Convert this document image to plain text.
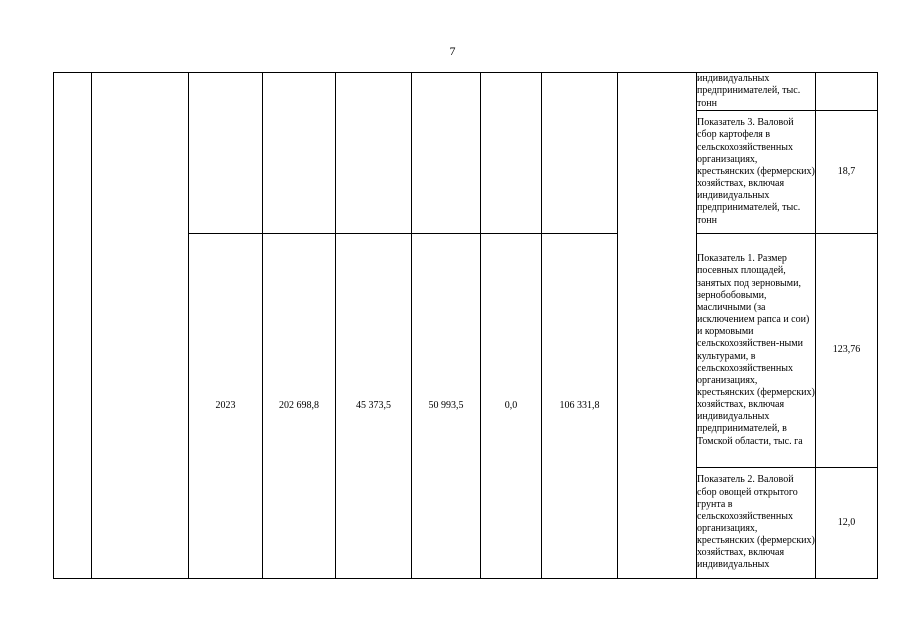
7
									индивидуальных предпринимателей, тыс. тонн	
									Показатель 3. Валовой сбор картофеля в сельскохозяйственных организациях, крестьянских (фермерских) хозяйствах, включая индивидуальных предпринимателей, тыс. тонн	18,7
		2023	202 698,8	45 373,5	50 993,5	0,0	106 331,8		Показатель 1. Размер посевных площадей, занятых под зерновыми, зернобобовыми, масличными (за исключением рапса и сои) и кормовыми сельскохозяйствен-ными культурами, в сельскохозяйственных организациях, крестьянских (фермерских) хозяйствах, включая индивидуальных предпринимателей, в Томской области, тыс. га	123,76
									Показатель 2. Валовой сбор овощей открытого грунта в сельскохозяйственных организациях, крестьянских (фермерских) хозяйствах, включая индивидуальных	12,0
